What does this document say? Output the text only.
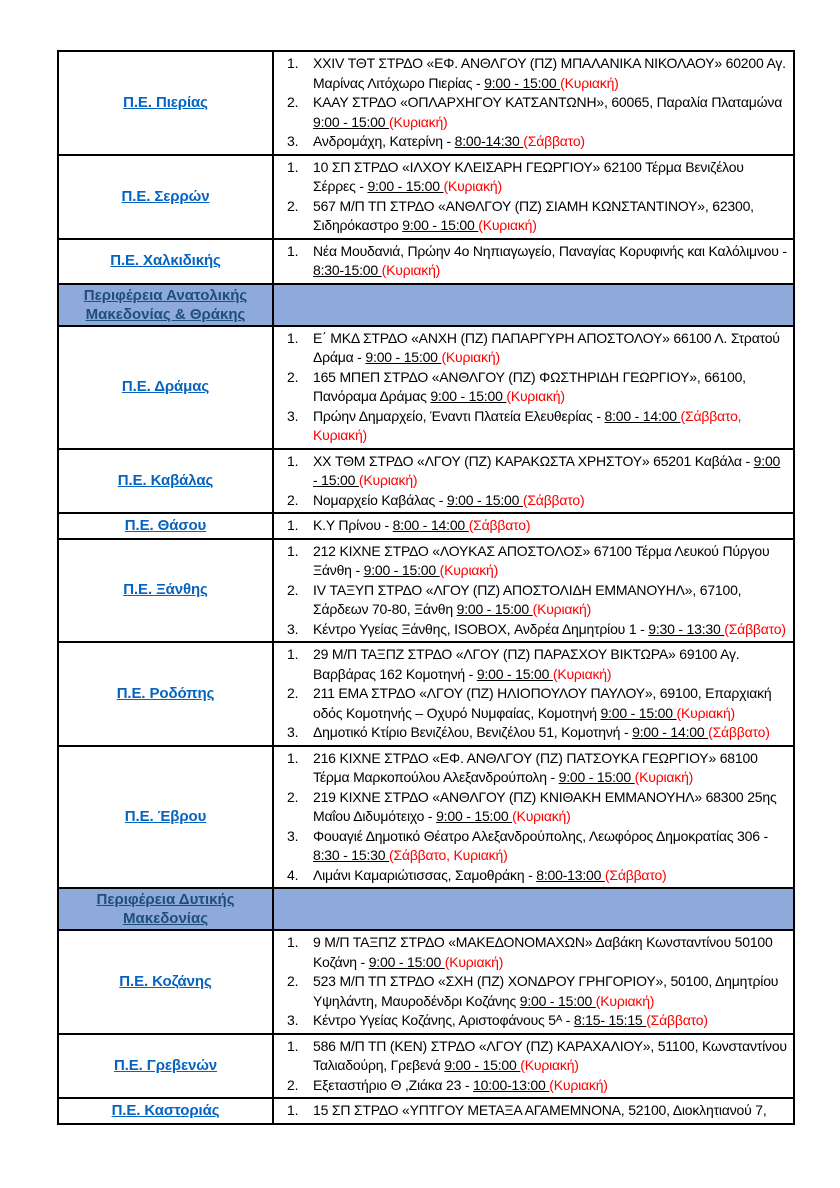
Π.Ε. Πιερίας	
1.	XXIV ΤΘΤ ΣΤΡΔΟ «ΕΦ. ΑΝΘΛΓΟΥ (ΠΖ) ΜΠΑΛΑΝΙΚΑ ΝΙΚΟΛΑΟΥ» 60200 Αγ. Μαρίνας Λιτόχωρο Πιερίας - 9:00 - 15:00 (Κυριακή)
2.	ΚΑΑΥ ΣΤΡΔΟ «ΟΠΛΑΡΧΗΓΟΥ ΚΑΤΣΑΝΤΩΝΗ», 60065, Παραλία Πλαταμώνα 9:00 - 15:00 (Κυριακή)
3.	Ανδρομάχη, Κατερίνη - 8:00-14:30 (Σάββατο)

Π.Ε. Σερρών	1. 10 ΣΠ ΣΤΡΔΟ «ΙΛΧΟΥ ΚΛΕΙΣΑΡΗ ΓΕΩΡΓΙΟΥ» 62100 Τέρμα Βενιζέλου Σέρρες - 9:00 - 15:00 (Κυριακή)
2. 567 Μ/Π ΤΠ ΣΤΡΔΟ «ΑΝΘΛΓΟΥ (ΠΖ) ΣΙΑΜΗ ΚΩΝΣΤΑΝΤΙΝΟΥ», 62300, Σιδηρόκαστρο 9:00 - 15:00 (Κυριακή)

Π.Ε. Χαλκιδικής	1. Νέα Μουδανιά, Πρώην 4ο Νηπιαγωγείο, Παναγίας Κορυφινής και Καλόλιμνου - 8:30-15:00 (Κυριακή)

Περιφέρεια Ανατολικής Μακεδονίας & Θράκης	
Π.Ε. Δράμας	
1.	Ε΄ ΜΚΔ ΣΤΡΔΟ «ΑΝΧΗ (ΠΖ) ΠΑΠΑΡΓΥΡΗ ΑΠΟΣΤΟΛΟΥ» 66100 Λ. Στρατού Δράμα - 9:00 - 15:00 (Κυριακή)
2.	165 ΜΠΕΠ ΣΤΡΔΟ «ΑΝΘΛΓΟΥ (ΠΖ) ΦΩΣΤΗΡΙΔΗ ΓΕΩΡΓΙΟΥ», 66100, Πανόραμα Δράμας 9:00 - 15:00 (Κυριακή)
3.	Πρώην Δημαρχείο, Έναντι Πλατεία Ελευθερίας - 8:00 - 14:00 (Σάββατο, Κυριακή)

Π.Ε. Καβάλας	1. XX ΤΘΜ ΣΤΡΔΟ «ΛΓΟΥ (ΠΖ) ΚΑΡΑΚΩΣΤΑ ΧΡΗΣΤΟΥ» 65201 Καβάλα - 9:00 - 15:00 (Κυριακή)
2. Νομαρχείο Καβάλας - 9:00 - 15:00 (Σάββατο)

Π.Ε. Θάσου	1. Κ.Υ Πρίνου - 8:00 - 14:00 (Σάββατο)

Π.Ε. Ξάνθης	
1.	212 ΚΙΧΝΕ ΣΤΡΔΟ «ΛΟΥΚΑΣ ΑΠΟΣΤΟΛΟΣ» 67100 Τέρμα Λευκού Πύργου Ξάνθη - 9:00 - 15:00 (Κυριακή)
2.	IV ΤΑΞΥΠ ΣΤΡΔΟ «ΛΓΟΥ (ΠΖ) ΑΠΟΣΤΟΛΙΔΗ ΕΜΜΑΝΟΥΗΛ», 67100, Σάρδεων 70-80, Ξάνθη 9:00 - 15:00 (Κυριακή)
3.	Κέντρο Υγείας Ξάνθης, ISOBOX, Ανδρέα Δημητρίου 1 - 9:30 - 13:30 (Σάββατο)

Π.Ε. Ροδόπης	
1.	29 Μ/Π ΤΑΞΠΖ ΣΤΡΔΟ «ΛΓΟΥ (ΠΖ) ΠΑΡΑΣΧΟΥ ΒΙΚΤΩΡΑ» 69100 Αγ. Βαρβάρας 162 Κομοτηνή - 9:00 - 15:00 (Κυριακή)
2.	211 ΕΜΑ ΣΤΡΔΟ «ΛΓΟΥ (ΠΖ) ΗΛΙΟΠΟΥΛΟΥ ΠΑΥΛΟΥ», 69100, Επαρχιακή οδός Κομοτηνής – Οχυρό Νυμφαίας, Κομοτηνή 9:00 - 15:00 (Κυριακή)
3.	Δημοτικό Κτίριο Βενιζέλου, Βενιζέλου 51, Κομοτηνή - 9:00 - 14:00 (Σάββατο)

Π.Ε. Έβρου	
1.	216 ΚΙΧΝΕ ΣΤΡΔΟ «ΕΦ. ΑΝΘΛΓΟΥ (ΠΖ) ΠΑΤΣΟΥΚΑ ΓΕΩΡΓΙΟΥ» 68100 Τέρμα Μαρκοπούλου Αλεξανδρούπολη - 9:00 - 15:00 (Κυριακή)
2.	219 ΚΙΧΝΕ ΣΤΡΔΟ «ΑΝΘΛΓΟΥ (ΠΖ) ΚΝΙΘΑΚΗ ΕΜΜΑΝΟΥΗΛ» 68300 25ης Μαΐου Διδυμότειχο - 9:00 - 15:00 (Κυριακή)
3.	Φουαγιέ Δημοτικό Θέατρο Αλεξανδρούπολης, Λεωφόρος Δημοκρατίας 306 - 8:30 - 15:30 (Σάββατο, Κυριακή)
4.	Λιμάνι Καμαριώτισσας, Σαμοθράκη - 8:00-13:00 (Σάββατο)

Περιφέρεια Δυτικής Μακεδονίας	
Π.Ε. Κοζάνης	
1.	9 Μ/Π ΤΑΞΠΖ ΣΤΡΔΟ «ΜΑΚΕΔΟΝΟΜΑΧΩΝ» Δαβάκη Κωνσταντίνου 50100 Κοζάνη - 9:00 - 15:00 (Κυριακή)
2.	523 Μ/Π ΤΠ ΣΤΡΔΟ «ΣΧΗ (ΠΖ) ΧΟΝΔΡΟΥ ΓΡΗΓΟΡΙΟΥ», 50100, Δημητρίου Υψηλάντη, Μαυροδένδρι Κοζάνης 9:00 - 15:00 (Κυριακή)
3.	Κέντρο Υγείας Κοζάνης, Αριστοφάνους 5ᴬ - 8:15- 15:15 (Σάββατο)

Π.Ε. Γρεβενών	1. 586 Μ/Π ΤΠ (ΚΕΝ) ΣΤΡΔΟ «ΛΓΟΥ (ΠΖ) ΚΑΡΑΧΑΛΙΟΥ», 51100, Κωνσταντίνου Ταλιαδούρη, Γρεβενά 9:00 - 15:00 (Κυριακή)
2. Εξεταστήριο Θ ,Ζιάκα 23 - 10:00-13:00 (Κυριακή)

Π.Ε. Καστοριάς	1. 15 ΣΠ ΣΤΡΔΟ «ΥΠΤΓΟΥ ΜΕΤΑΞΑ ΑΓΑΜΕΜΝΟΝΑ, 52100, Διοκλητιανού 7,
